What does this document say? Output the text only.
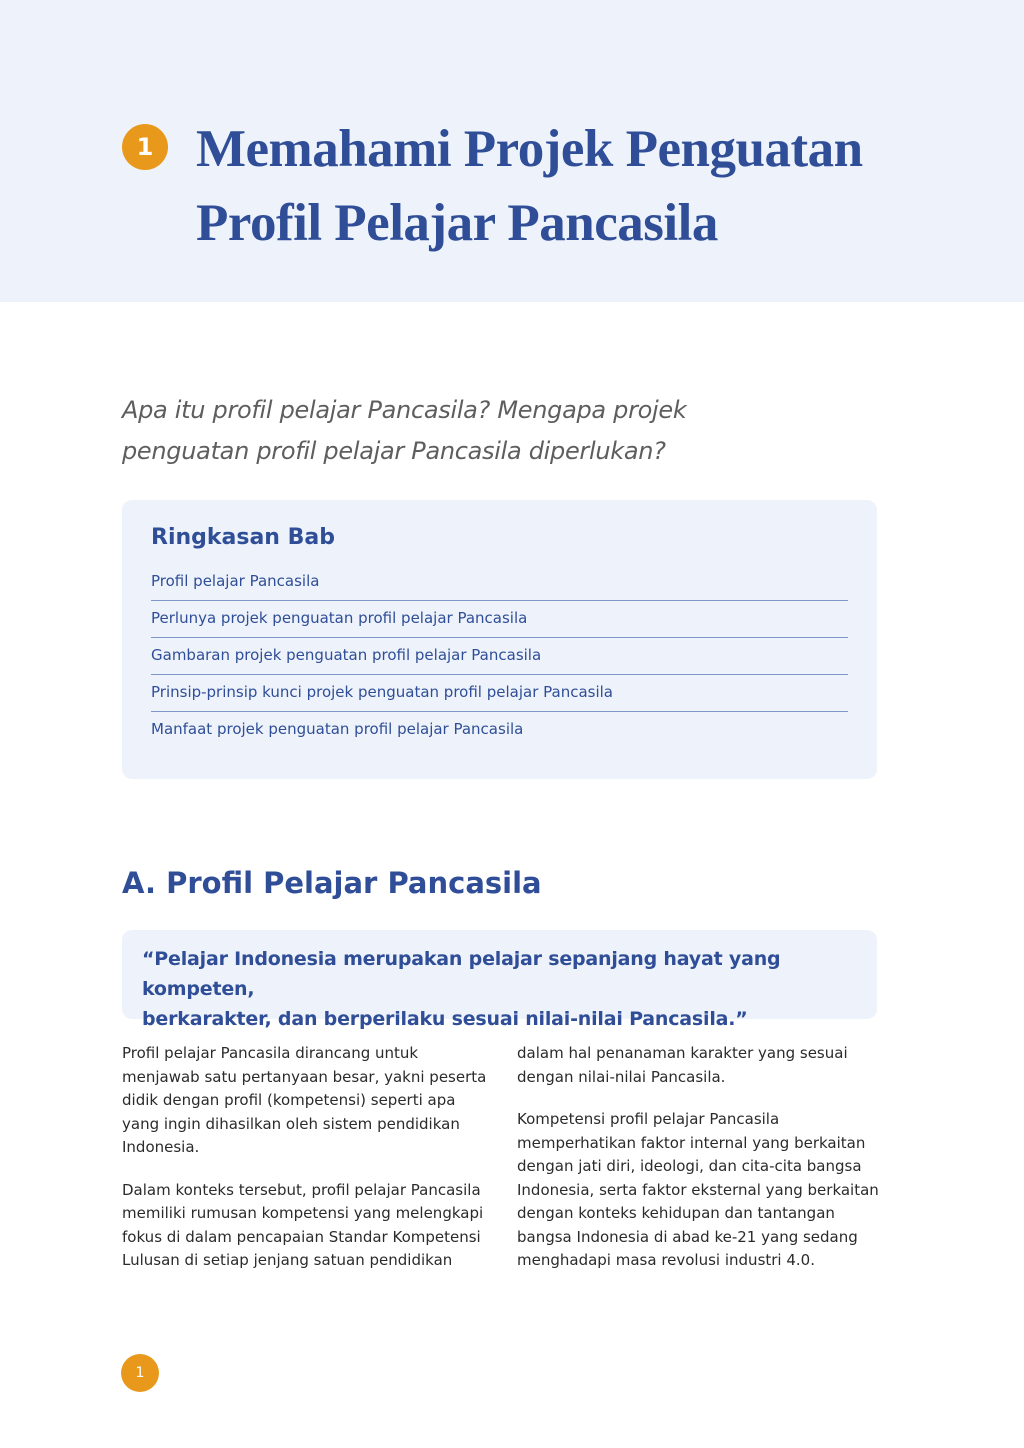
1 Memahami Projek Penguatan
Profil Pelajar Pancasila
Apa itu profil pelajar Pancasila? Mengapa projek
penguatan profil pelajar Pancasila diperlukan?
Ringkasan Bab
Profil pelajar Pancasila
Perlunya projek penguatan profil pelajar Pancasila
Gambaran projek penguatan profil pelajar Pancasila
Prinsip-prinsip kunci projek penguatan profil pelajar Pancasila
Manfaat projek penguatan profil pelajar Pancasila
A. Profil Pelajar Pancasila

“Pelajar Indonesia merupakan pelajar sepanjang hayat yang kompeten,
berkarakter, dan berperilaku sesuai nilai-nilai Pancasila.”

Profil pelajar Pancasila dirancang untuk
menjawab satu pertanyaan besar, yakni peserta
didik dengan profil (kompetensi) seperti apa
yang ingin dihasilkan oleh sistem pendidikan
Indonesia.

Dalam konteks tersebut, profil pelajar Pancasila
memiliki rumusan kompetensi yang melengkapi
fokus di dalam pencapaian Standar Kompetensi
Lulusan di setiap jenjang satuan pendidikan

dalam hal penanaman karakter yang sesuai
dengan nilai-nilai Pancasila.

Kompetensi profil pelajar Pancasila
memperhatikan faktor internal yang berkaitan
dengan jati diri, ideologi, dan cita-cita bangsa
Indonesia, serta faktor eksternal yang berkaitan
dengan konteks kehidupan dan tantangan
bangsa Indonesia di abad ke-21 yang sedang
menghadapi masa revolusi industri 4.0.

1
